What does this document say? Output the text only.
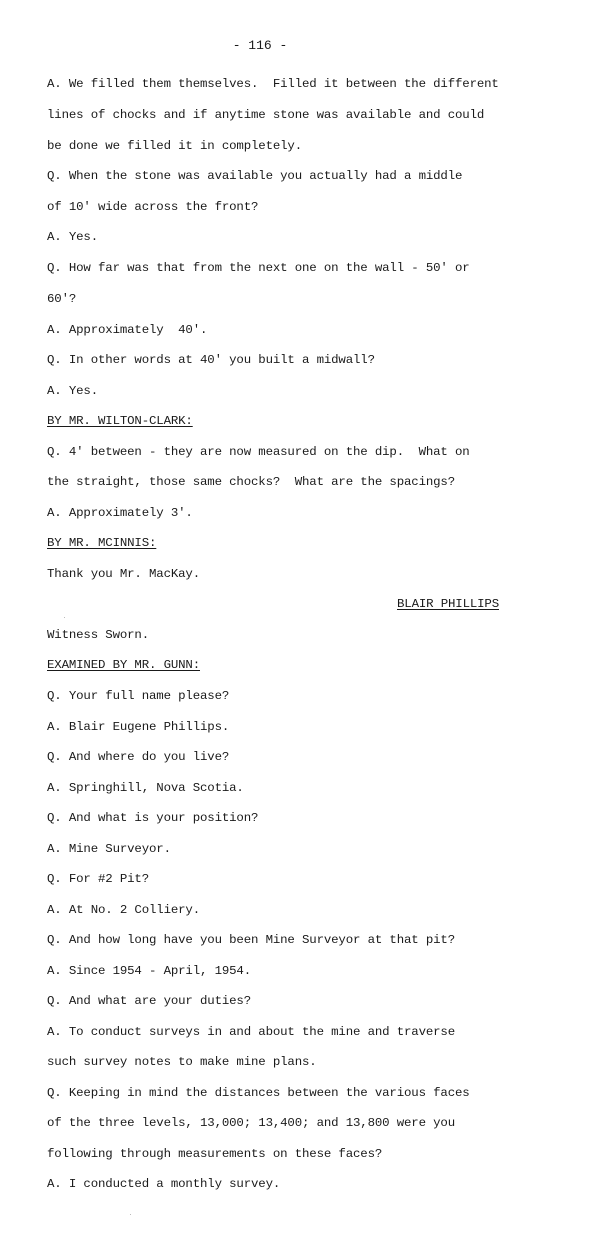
- 116 -
A. We filled them themselves.  Filled it between the different
lines of chocks and if anytime stone was available and could
be done we filled it in completely.
Q. When the stone was available you actually had a middle
of 10' wide across the front?
A. Yes.
Q. How far was that from the next one on the wall - 50' or
60'?
A. Approximately  40'.
Q. In other words at 40' you built a midwall?
A. Yes.
BY MR. WILTON-CLARK:
Q. 4' between - they are now measured on the dip.  What on
the straight, those same chocks?  What are the spacings?
A. Approximately 3'.
BY MR. MCINNIS:
Thank you Mr. MacKay.
BLAIR PHILLIPS
Witness Sworn.
EXAMINED BY MR. GUNN:
Q. Your full name please?
A. Blair Eugene Phillips.
Q. And where do you live?
A. Springhill, Nova Scotia.
Q. And what is your position?
A. Mine Surveyor.
Q. For #2 Pit?
A. At No. 2 Colliery.
Q. And how long have you been Mine Surveyor at that pit?
A. Since 1954 - April, 1954.
Q. And what are your duties?
A. To conduct surveys in and about the mine and traverse
such survey notes to make mine plans.
Q. Keeping in mind the distances between the various faces
of the three levels, 13,000; 13,400; and 13,800 were you
following through measurements on these faces?
A. I conducted a monthly survey.
